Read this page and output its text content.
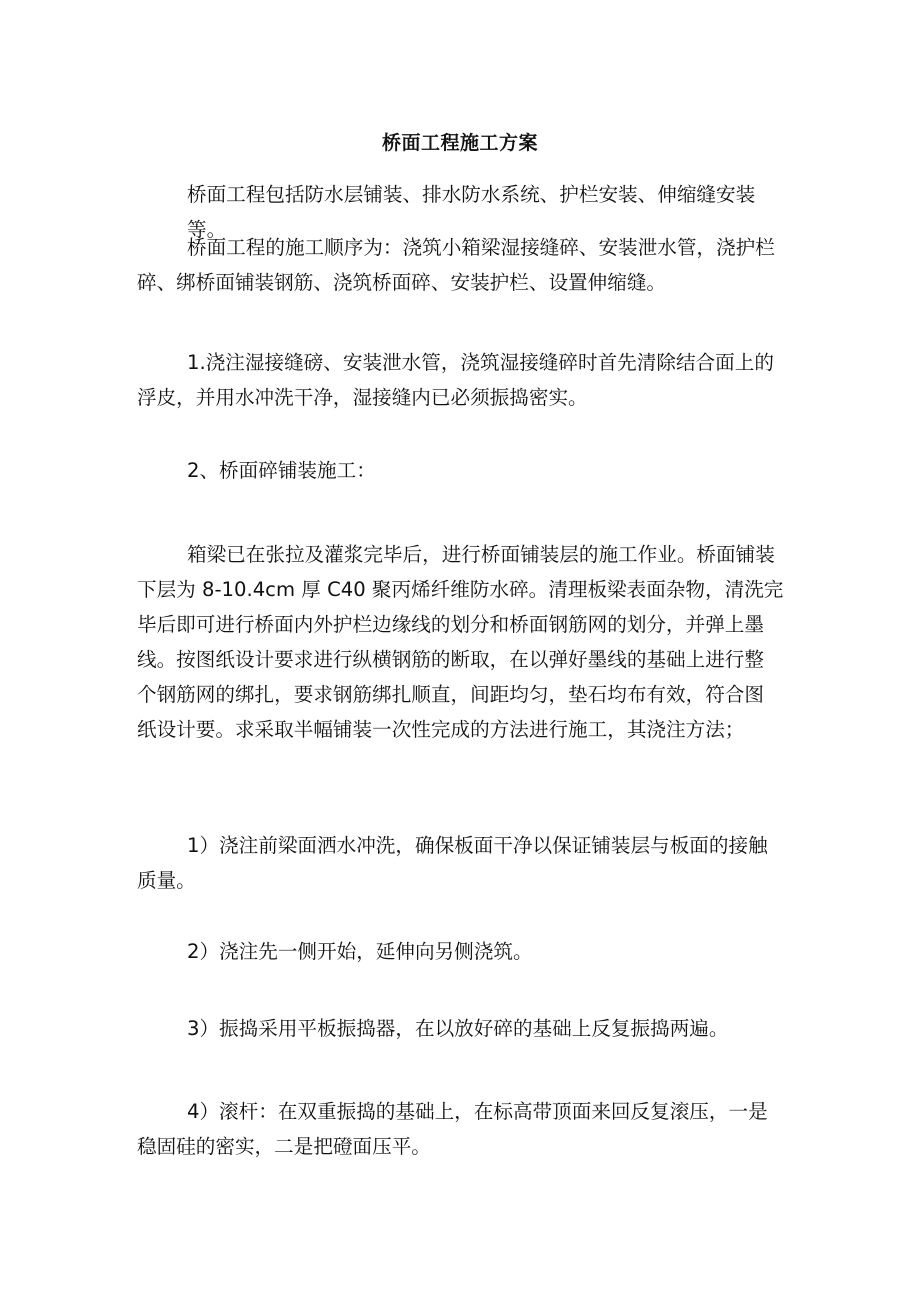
桥面工程施工方案
桥面工程包括防水层铺装、排水防水系统、护栏安装、伸缩缝安装等。
桥面工程的施工顺序为：浇筑小箱梁湿接缝碎、安装泄水管，浇护栏
碎、绑桥面铺装钢筋、浇筑桥面碎、安装护栏、设置伸缩缝。
1.浇注湿接缝磅、安装泄水管，浇筑湿接缝碎时首先清除结合面上的
浮皮，并用水冲洗干净，湿接缝内已必须振捣密实。
2、桥面碎铺装施工：
箱梁已在张拉及灌浆完毕后，进行桥面铺装层的施工作业。桥面铺装
下层为 8-10.4cm 厚 C40 聚丙烯纤维防水碎。清理板梁表面杂物，清洗完
毕后即可进行桥面内外护栏边缘线的划分和桥面钢筋网的划分，并弹上墨
线。按图纸设计要求进行纵横钢筋的断取，在以弹好墨线的基础上进行整
个钢筋网的绑扎，要求钢筋绑扎顺直，间距均匀，垫石均布有效，符合图
纸设计要。求采取半幅铺装一次性完成的方法进行施工，其浇注方法；
1）浇注前梁面洒水冲洗，确保板面干净以保证铺装层与板面的接触
质量。
2）浇注先一侧开始，延伸向另侧浇筑。
3）振捣采用平板振捣器，在以放好碎的基础上反复振捣两遍。
4）滚杆：在双重振捣的基础上，在标高带顶面来回反复滚压，一是
稳固硅的密实，二是把磴面压平。
